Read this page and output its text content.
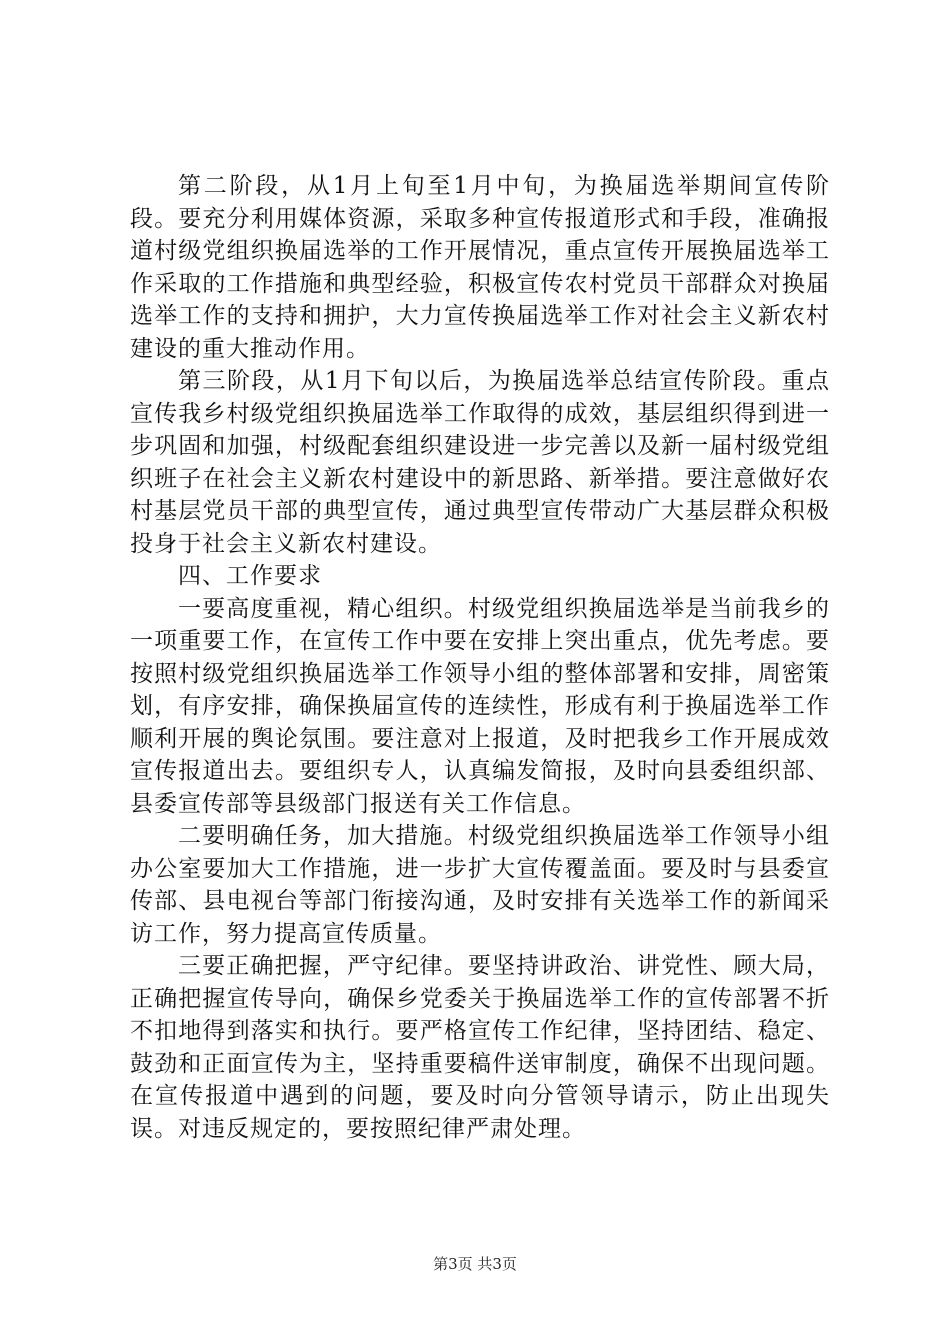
第二阶段，从1月上旬至1月中旬，为换届选举期间宣传阶段。要充分利用媒体资源，采取多种宣传报道形式和手段，准确报道村级党组织换届选举的工作开展情况，重点宣传开展换届选举工作采取的工作措施和典型经验，积极宣传农村党员干部群众对换届选举工作的支持和拥护，大力宣传换届选举工作对社会主义新农村建设的重大推动作用。

第三阶段，从1月下旬以后，为换届选举总结宣传阶段。重点宣传我乡村级党组织换届选举工作取得的成效，基层组织得到进一步巩固和加强，村级配套组织建设进一步完善以及新一届村级党组织班子在社会主义新农村建设中的新思路、新举措。要注意做好农村基层党员干部的典型宣传，通过典型宣传带动广大基层群众积极投身于社会主义新农村建设。

四、工作要求

一要高度重视，精心组织。村级党组织换届选举是当前我乡的一项重要工作，在宣传工作中要在安排上突出重点，优先考虑。要按照村级党组织换届选举工作领导小组的整体部署和安排，周密策划，有序安排，确保换届宣传的连续性，形成有利于换届选举工作顺利开展的舆论氛围。要注意对上报道，及时把我乡工作开展成效宣传报道出去。要组织专人，认真编发简报，及时向县委组织部、县委宣传部等县级部门报送有关工作信息。

二要明确任务，加大措施。村级党组织换届选举工作领导小组办公室要加大工作措施，进一步扩大宣传覆盖面。要及时与县委宣传部、县电视台等部门衔接沟通，及时安排有关选举工作的新闻采访工作，努力提高宣传质量。

三要正确把握，严守纪律。要坚持讲政治、讲党性、顾大局，正确把握宣传导向，确保乡党委关于换届选举工作的宣传部署不折不扣地得到落实和执行。要严格宣传工作纪律，坚持团结、稳定、鼓劲和正面宣传为主，坚持重要稿件送审制度，确保不出现问题。在宣传报道中遇到的问题，要及时向分管领导请示，防止出现失误。对违反规定的，要按照纪律严肃处理。

第3页 共3页
